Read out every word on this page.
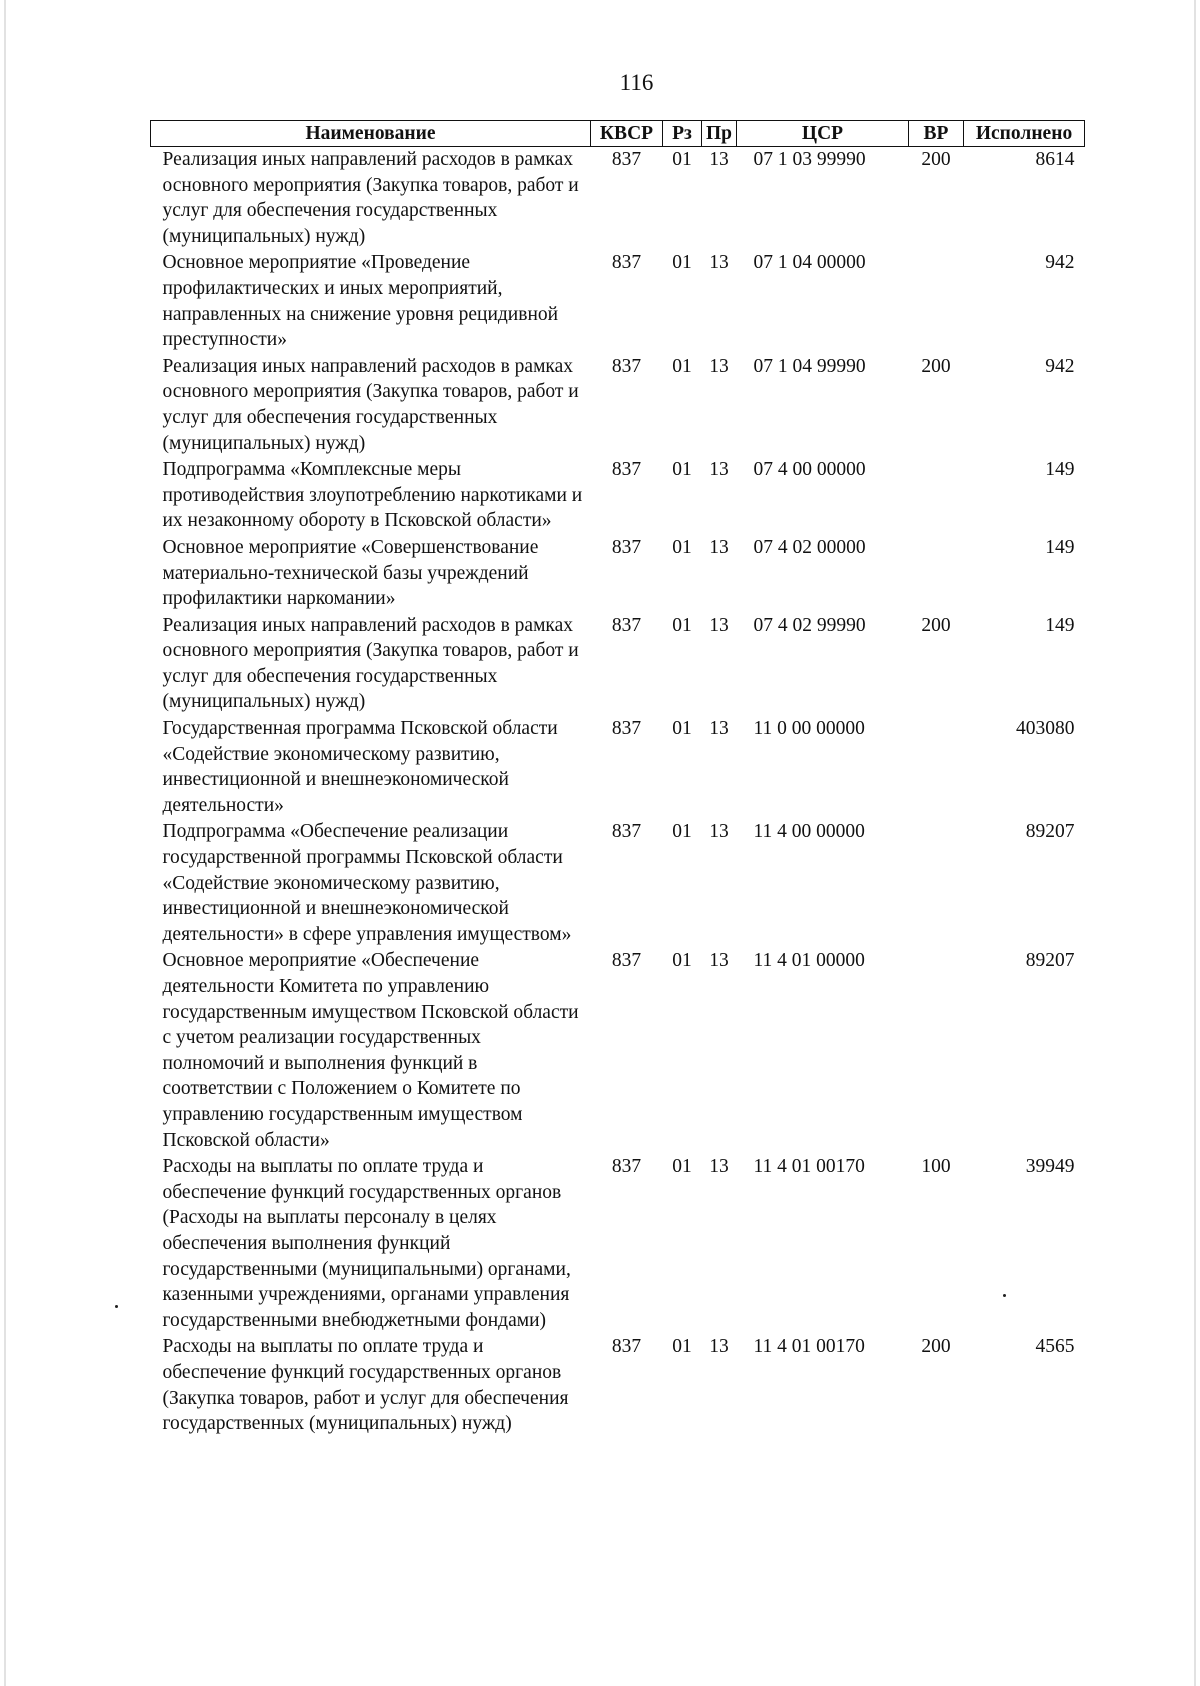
116
Наименование	КВСР	Рз	Пр	ЦСР	ВР	Исполнено
Реализация иных направлений расходов в рамках основного мероприятия (Закупка товаров, работ и услуг для обеспечения государственных (муниципальных) нужд)	837	01	13	07 1 03 99990	200	8614
Основное мероприятие «Проведение профилактических и иных мероприятий, направленных на снижение уровня рецидивной преступности»	837	01	13	07 1 04 00000		942
Реализация иных направлений расходов в рамках основного мероприятия (Закупка товаров, работ и услуг для обеспечения государственных (муниципальных) нужд)	837	01	13	07 1 04 99990	200	942
Подпрограмма «Комплексные меры противодействия злоупотреблению наркотиками и их незаконному обороту в Псковской области»	837	01	13	07 4 00 00000		149
Основное мероприятие «Совершенствование материально-технической базы учреждений профилактики наркомании»	837	01	13	07 4 02 00000		149
Реализация иных направлений расходов в рамках основного мероприятия (Закупка товаров, работ и услуг для обеспечения государственных (муниципальных) нужд)	837	01	13	07 4 02 99990	200	149
Государственная программа Псковской области «Содействие экономическому развитию, инвестиционной и внешнеэкономической деятельности»	837	01	13	11 0 00 00000		403080
Подпрограмма «Обеспечение реализации государственной программы Псковской области «Содействие экономическому развитию, инвестиционной и внешнеэкономической деятельности» в сфере управления имуществом»	837	01	13	11 4 00 00000		89207
Основное мероприятие «Обеспечение деятельности Комитета по управлению государственным имуществом Псковской области с учетом реализации государственных полномочий и выполнения функций в соответствии с Положением о Комитете по управлению государственным имуществом Псковской области»	837	01	13	11 4 01 00000		89207
Расходы на выплаты по оплате труда и обеспечение функций государственных органов (Расходы на выплаты персоналу в целях обеспечения выполнения функций государственными (муниципальными) органами, казенными учреждениями, органами управления государственными внебюджетными фондами)	837	01	13	11 4 01 00170	100	39949
Расходы на выплаты по оплате труда и обеспечение функций государственных органов (Закупка товаров, работ и услуг для обеспечения государственных (муниципальных) нужд)	837	01	13	11 4 01 00170	200	4565
